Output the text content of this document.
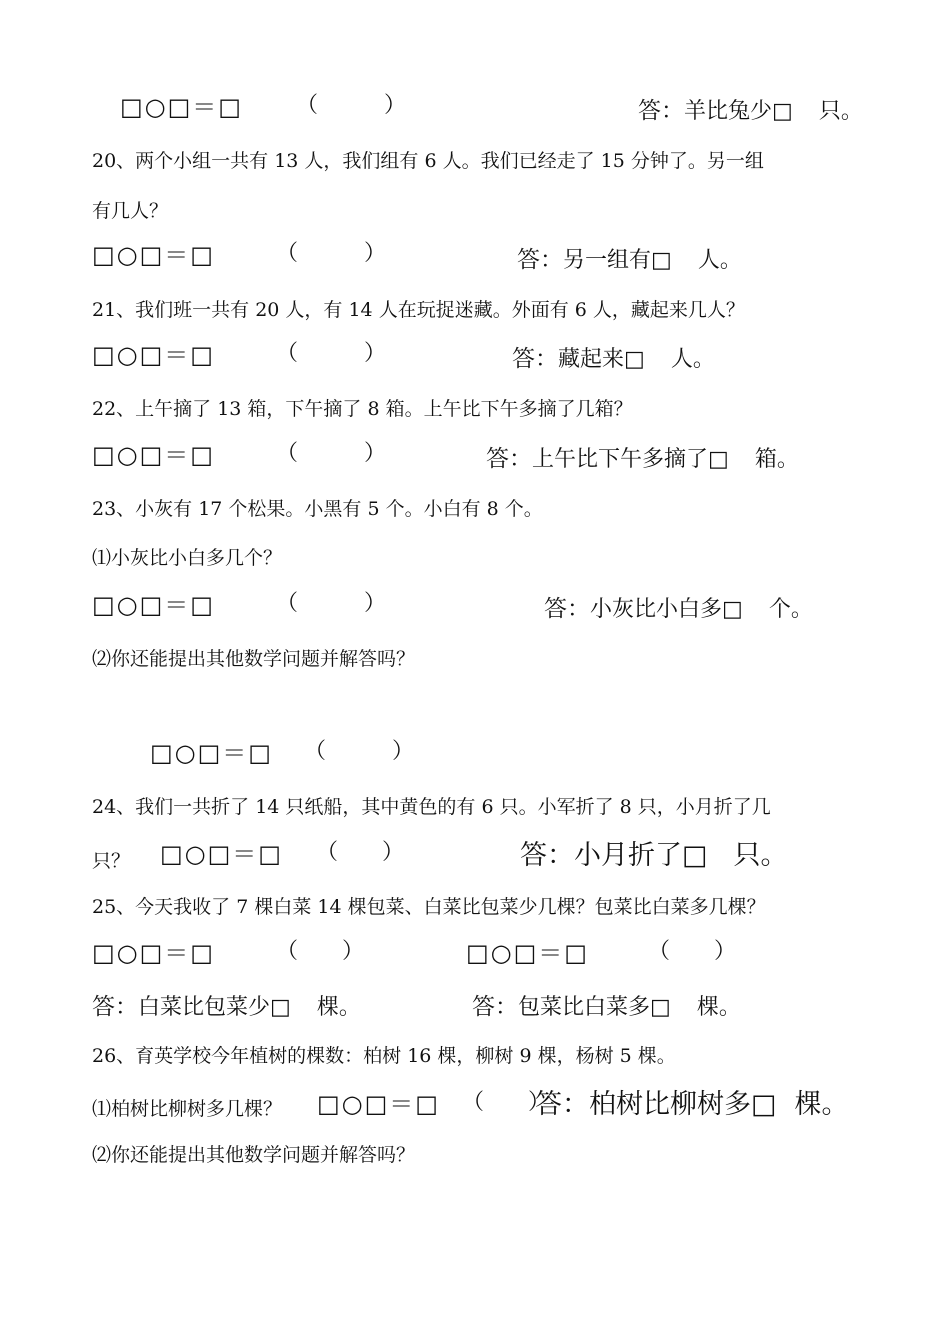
□○□＝□ （　　　）	答：羊比兔少□ 只。
20、两个小组一共有 13 人，我们组有 6 人。我们已经走了 15 分钟了。另一组
有几人？
□○□＝□	（　　　）	答：另一组有□ 人。
21、我们班一共有 20 人，有 14 人在玩捉迷藏。外面有 6 人，藏起来几人？
□○□＝□	（　　　）	答：藏起来□ 人。
22、上午摘了 13 箱，下午摘了 8 箱。上午比下午多摘了几箱？
□○□＝□	（　　　）	答：上午比下午多摘了□ 箱。
23、小灰有 17 个松果。小黑有 5 个。小白有 8 个。
⑴小灰比小白多几个？
□○□＝□	（　　　）	答：小灰比小白多□ 个。
⑵你还能提出其他数学问题并解答吗？
□○□＝□ （　　　）
24、我们一共折了 14 只纸船，其中黄色的有 6 只。小军折了 8 只，小月折了几
只？ □○□＝□ （　　）	答：小月折了□ 只。
25、今天我收了 7 棵白菜 14 棵包菜、白菜比包菜少几棵？包菜比白菜多几棵？
□○□＝□	（　　）	□○□＝□	（　　）
答：白菜比包菜少□ 棵。	答：包菜比白菜多□ 棵。
26、育英学校今年植树的棵数：柏树 16 棵，柳树 9 棵，杨树 5 棵。
⑴柏树比柳树多几棵？ □○□＝□ （　　）
答：柏树比柳树多□ 棵。
⑵你还能提出其他数学问题并解答吗？
